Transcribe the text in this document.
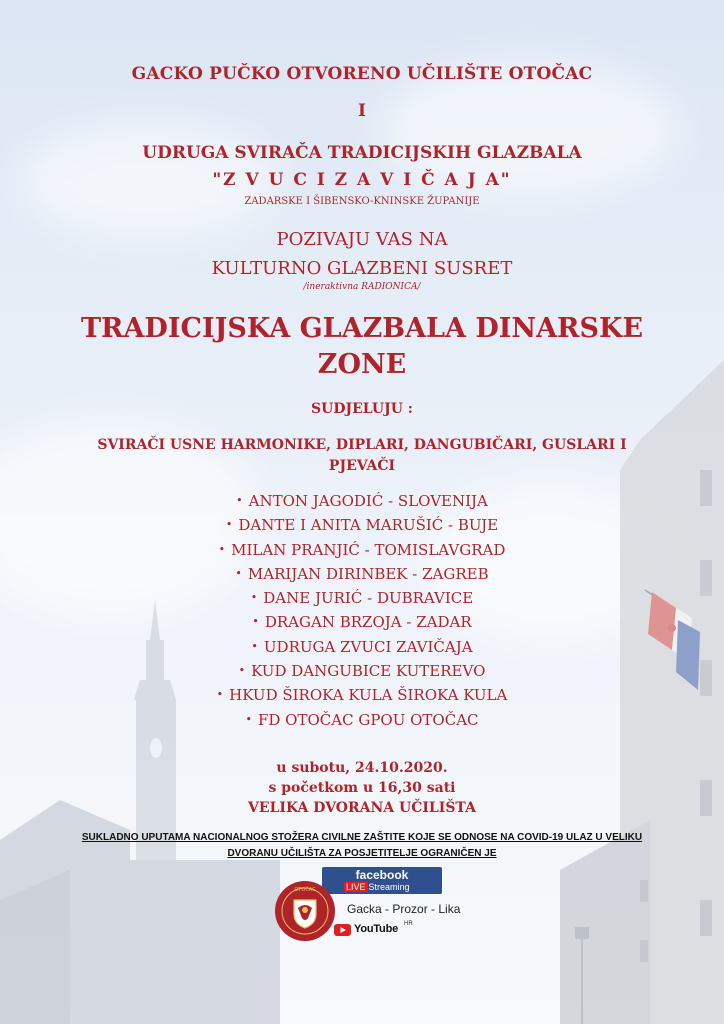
GACKO PUČKO OTVORENO UČILIŠTE OTOČAC
I
UDRUGA SVIRAČA TRADICIJSKIH GLAZBALA
"Z V U C I Z A V I Č A J A"
ZADARSKE I ŠIBENSKO-KNINSKE ŽUPANIJE
POZIVAJU VAS NA
KULTURNO GLAZBENI SUSRET
/ineraktivna RADIONICA/
TRADICIJSKA GLAZBALA DINARSKE
ZONE
SUDJELUJU :
SVIRAČI USNE HARMONIKE, DIPLARI, DANGUBIČARI, GUSLARI I
PJEVAČI
• ANTON JAGODIĆ - SLOVENIJA
• DANTE I ANITA MARUŠIĆ - BUJE
• MILAN PRANJIĆ - TOMISLAVGRAD
• MARIJAN DIRINBEK - ZAGREB
• DANE JURIĆ - DUBRAVICE
• DRAGAN BRZOJA - ZADAR
• UDRUGA ZVUCI ZAVIČAJA
• KUD DANGUBICE KUTEREVO
• HKUD ŠIROKA KULA ŠIROKA KULA
• FD OTOČAC GPOU OTOČAC
u subotu, 24.10.2020.
s početkom u 16,30 sati
VELIKA DVORANA UČILIŠTA
SUKLADNO UPUTAMA NACIONALNOG STOŽERA CIVILNE ZAŠTITE KOJE SE ODNOSE NA COVID-19 ULAZ U VELIKU
DVORANU UČILIŠTA ZA POSJETITELJE OGRANIČEN JE
facebook
LIVE Streaming
OTOČAC
Gacka - Prozor - Lika
YouTube HR
